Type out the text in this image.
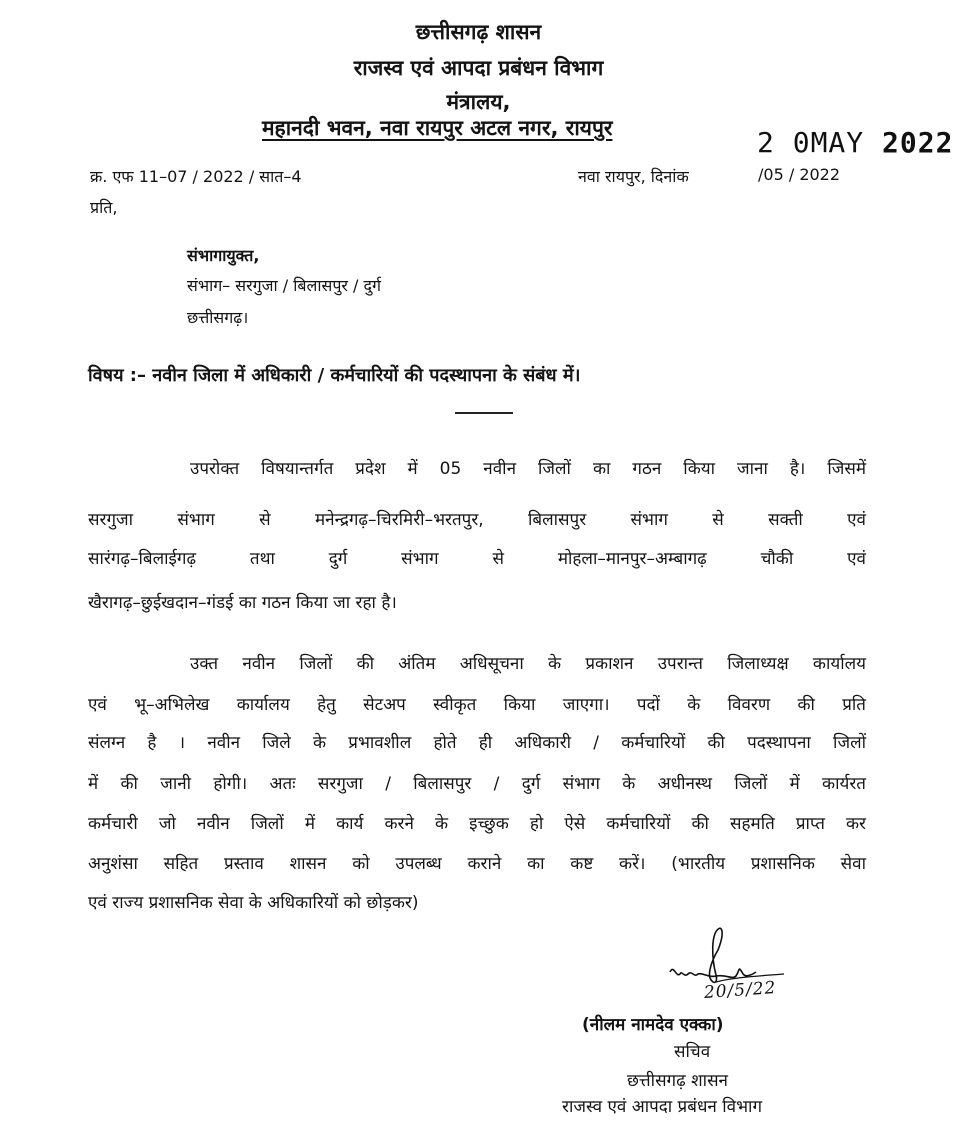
छत्तीसगढ़ शासन
राजस्व एवं आपदा प्रबंधन विभाग
मंत्रालय,
महानदी भवन, नवा रायपुर अटल नगर, रायपुर	2 0MAY 2022
क्र. एफ 11–07 / 2022 / सात–4	नवा रायपुर, दिनांक	/05 / 2022
प्रति,
संभागायुक्त,
संभाग– सरगुजा / बिलासपुर / दुर्ग
छत्तीसगढ़।
विषय :– नवीन जिला में अधिकारी / कर्मचारियों की पदस्थापना के संबंध में।
उपरोक्त विषयान्तर्गत प्रदेश में 05 नवीन जिलों का गठन किया जाना है। जिसमें
सरगुजा संभाग से मनेन्द्रगढ़–चिरमिरी–भरतपुर, बिलासपुर संभाग से सक्ती एवं
सारंगढ़–बिलाईगढ़ तथा दुर्ग संभाग से मोहला–मानपुर–अम्बागढ़ चौकी एवं
खैरागढ़–छुईखदान–गंडई का गठन किया जा रहा है।
उक्त नवीन जिलों की अंतिम अधिसूचना के प्रकाशन उपरान्त जिलाध्यक्ष कार्यालय
एवं भू–अभिलेख कार्यालय हेतु सेटअप स्वीकृत किया जाएगा। पदों के विवरण की प्रति
संलग्न है । नवीन जिले के प्रभावशील होते ही अधिकारी / कर्मचारियों की पदस्थापना जिलों
में की जानी होगी। अतः सरगुजा / बिलासपुर / दुर्ग संभाग के अधीनस्थ जिलों में कार्यरत
कर्मचारी जो नवीन जिलों में कार्य करने के इच्छुक हो ऐसे कर्मचारियों की सहमति प्राप्त कर
अनुशंसा सहित प्रस्ताव शासन को उपलब्ध कराने का कष्ट करें। (भारतीय प्रशासनिक सेवा
एवं राज्य प्रशासनिक सेवा के अधिकारियों को छोड़कर)
20/5/22
(नीलम नामदेव एक्का)
सचिव
छत्तीसगढ़ शासन
राजस्व एवं आपदा प्रबंधन विभाग
